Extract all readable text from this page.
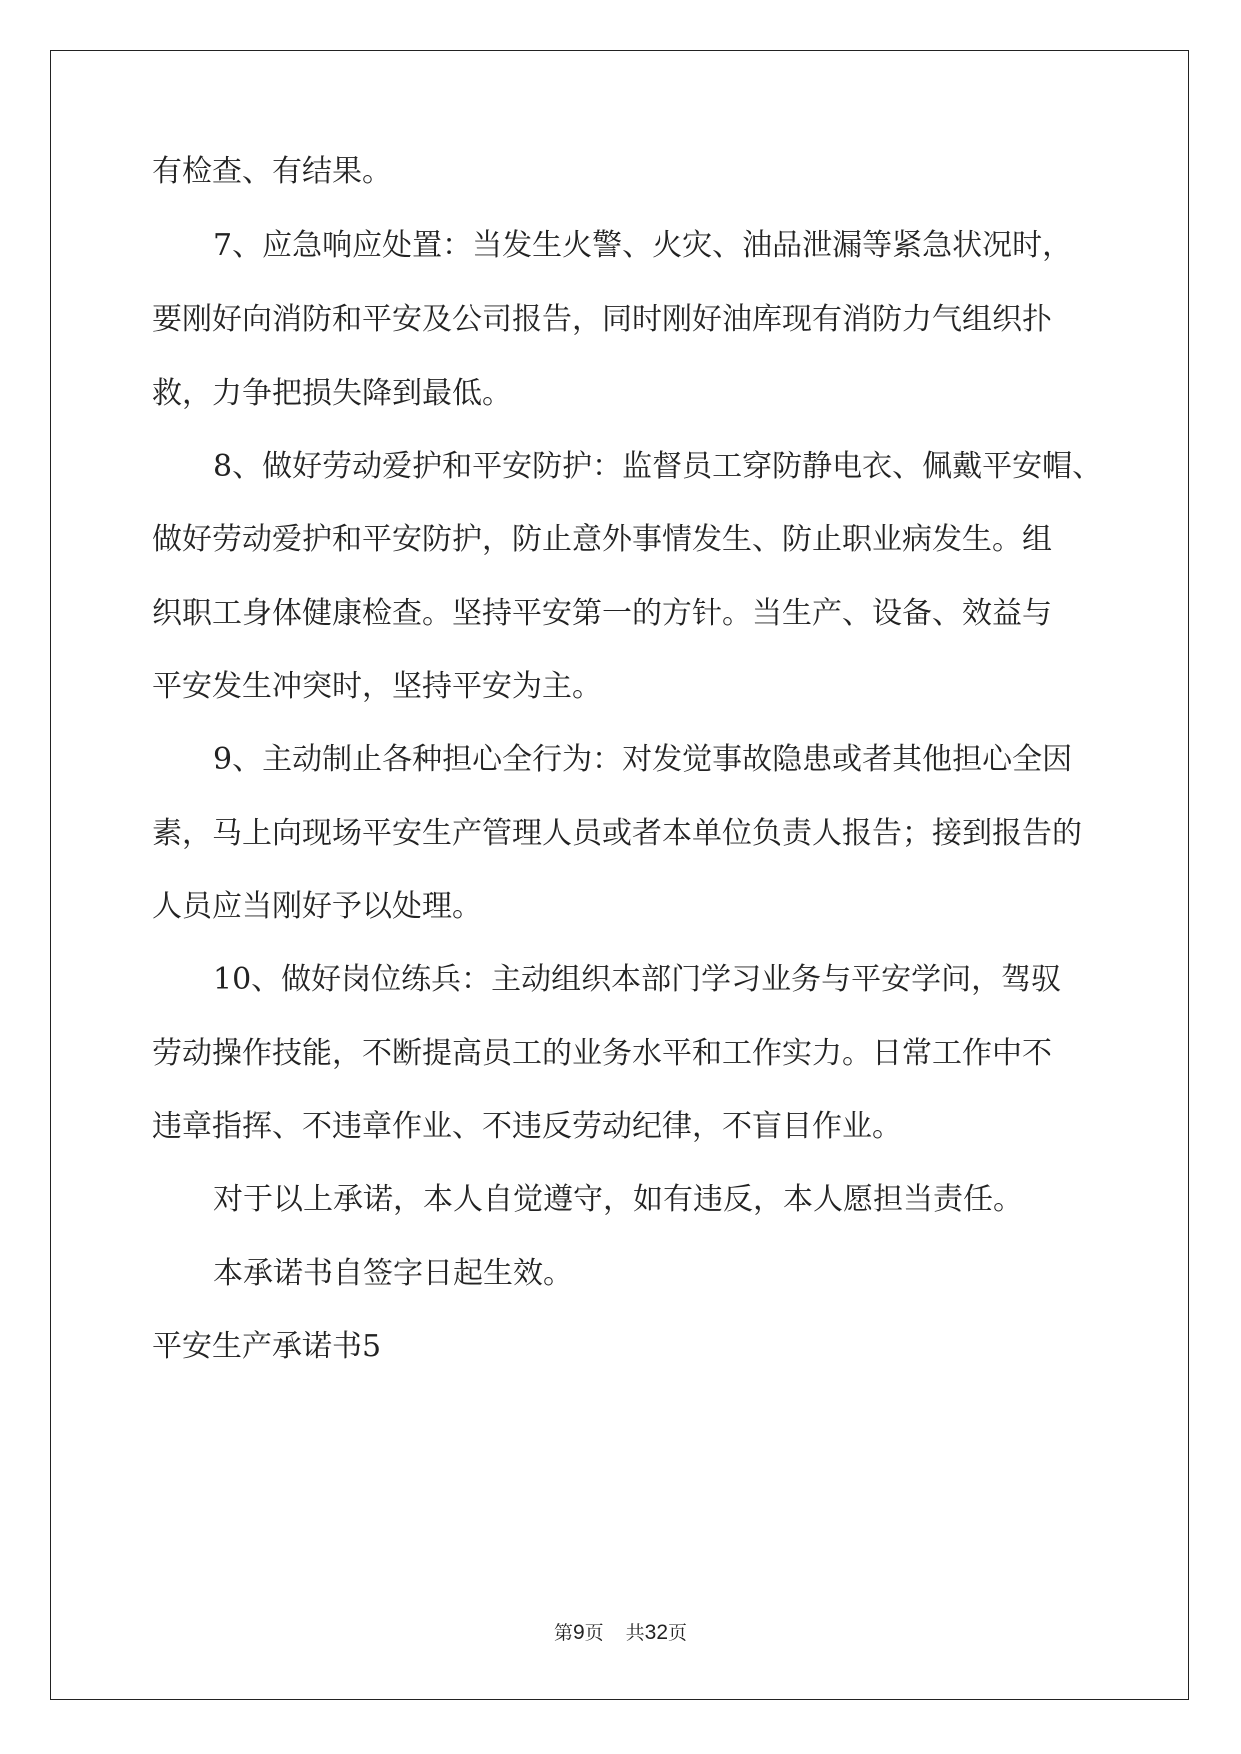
有检查、有结果。

7、应急响应处置：当发生火警、火灾、油品泄漏等紧急状况时，

要刚好向消防和平安及公司报告，同时刚好油库现有消防力气组织扑

救，力争把损失降到最低。

8、做好劳动爱护和平安防护：监督员工穿防静电衣、佩戴平安帽、

做好劳动爱护和平安防护，防止意外事情发生、防止职业病发生。组

织职工身体健康检查。坚持平安第一的方针。当生产、设备、效益与

平安发生冲突时，坚持平安为主。

9、主动制止各种担心全行为：对发觉事故隐患或者其他担心全因

素，马上向现场平安生产管理人员或者本单位负责人报告；接到报告的

人员应当刚好予以处理。

10、做好岗位练兵：主动组织本部门学习业务与平安学问，驾驭

劳动操作技能，不断提高员工的业务水平和工作实力。日常工作中不

违章指挥、不违章作业、不违反劳动纪律，不盲目作业。

对于以上承诺，本人自觉遵守，如有违反，本人愿担当责任。

本承诺书自签字日起生效。

平安生产承诺书5

第9页 共32页
